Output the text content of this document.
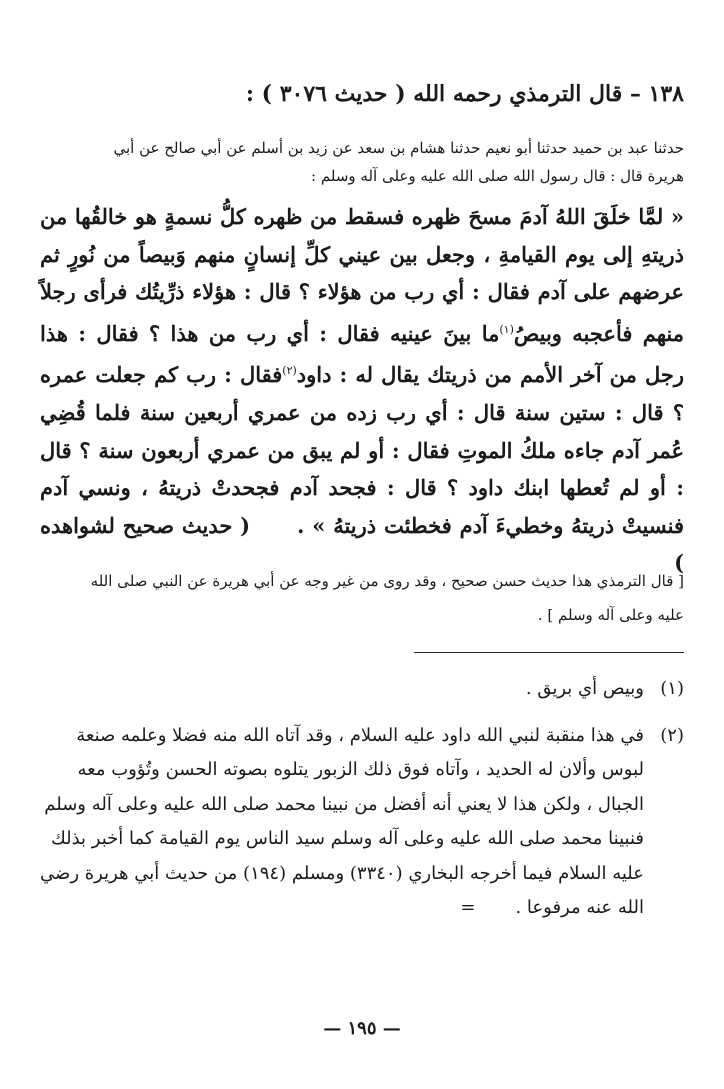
١٣٨ – قال الترمذي رحمه الله ( حديث ٣٠٧٦ ) :
حدثنا عبد بن حميد حدثنا أبو نعيم حدثنا هشام بن سعد عن زيد بن أسلم عن أبي صالح عن أبي هريرة قال : قال رسول الله صلى الله عليه وعلى آله وسلم :
« لمَّا خلَقَ اللهُ آدمَ مسحَ ظهره فسقط من ظهره كلُّ نسمةٍ هو خالقُها من ذريتهِ إلى يوم القيامةِ ، وجعل بين عيني كلِّ إنسانٍ منهم وَبيصاً من نُورٍ ثم عرضهم على آدم فقال : أي رب من هؤلاء ؟ قال : هؤلاء ذرِّيتُك فرأى رجلاً منهم فأعجبه وبيصُ$^{(١)}$ما بينَ عينيه فقال : أي رب من هذا ؟ فقال : هذا رجل من آخر الأمم من ذريتك يقال له : داود$^{(٢)}$فقال : رب كم جعلت عمره ؟ قال : ستين سنة قال : أي رب زده من عمري أربعين سنة فلما قُضِي عُمر آدم جاءه ملكُ الموتِ فقال : أو لم يبق من عمري أربعون سنة ؟ قال : أو لم تُعطها ابنك داود ؟ قال : فجحد آدم فجحدتْ ذريتهُ ، ونسي آدم فنسيتْ ذريتهُ وخطيءَ آدم فخطئت ذريتهُ » .      ( حديث صحيح لشواهده )
[ قال الترمذي هذا حديث حسن صحيح ، وقد روى من غير وجه عن أبي هريرة عن النبي صلى الله عليه وعلى آله وسلم ] .
(١)وبيص أي بريق .
(٢)
في هذا منقبة لنبي الله داود عليه السلام ، وقد آتاه الله منه فضلا وعلمه صنعة لبوس وألان له الحديد ، وآتاه فوق ذلك الزبور يتلوه بصوته الحسن وتُؤوب معه الجبال ، ولكن هذا لا يعني أنه أفضل من نبينا محمد صلى الله عليه وعلى آله وسلم فنبينا محمد صلى الله عليه وعلى آله وسلم سيد الناس يوم القيامة كما أخبر بذلك عليه السلام فيما أخرجه البخاري (٣٣٤٠) ومسلم (١٩٤) من حديث أبي هريرة رضي الله عنه مرفوعا .=
— ١٩٥ —
